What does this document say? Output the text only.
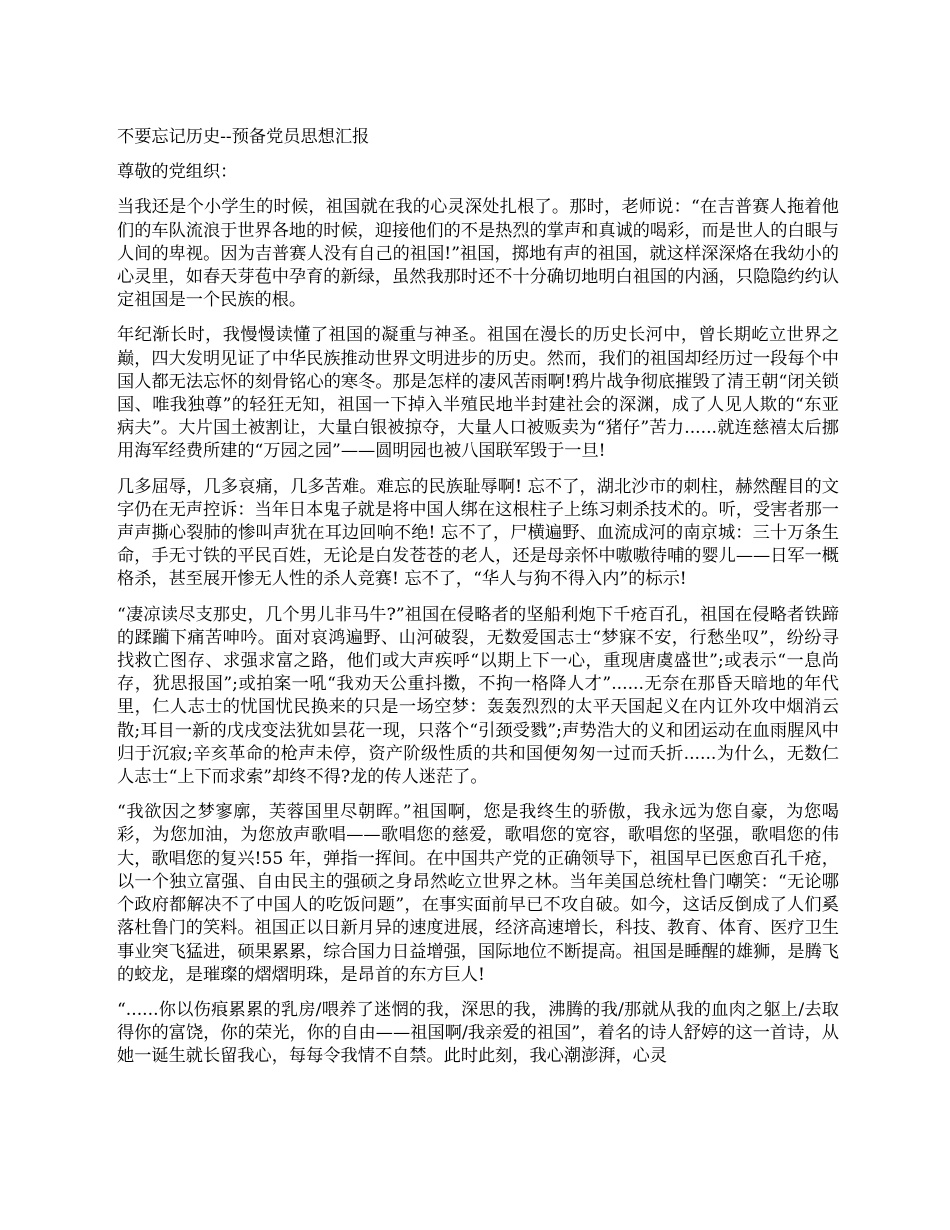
不要忘记历史--预备党员思想汇报
尊敬的党组织：
当我还是个小学生的时候，祖国就在我的心灵深处扎根了。那时，老师说：“在吉普赛人拖着他们的车队流浪于世界各地的时候，迎接他们的不是热烈的掌声和真诚的喝彩，而是世人的白眼与人间的卑视。因为吉普赛人没有自己的祖国!”祖国，掷地有声的祖国，就这样深深烙在我幼小的心灵里，如春天芽苞中孕育的新绿，虽然我那时还不十分确切地明白祖国的内涵，只隐隐约约认定祖国是一个民族的根。
年纪渐长时，我慢慢读懂了祖国的凝重与神圣。祖国在漫长的历史长河中，曾长期屹立世界之巅，四大发明见证了中华民族推动世界文明进步的历史。然而，我们的祖国却经历过一段每个中国人都无法忘怀的刻骨铭心的寒冬。那是怎样的凄风苦雨啊!鸦片战争彻底摧毁了清王朝“闭关锁国、唯我独尊”的轻狂无知，祖国一下掉入半殖民地半封建社会的深渊，成了人见人欺的“东亚病夫”。大片国土被割让，大量白银被掠夺，大量人口被贩卖为“猪仔”苦力......就连慈禧太后挪用海军经费所建的“万园之园”——圆明园也被八国联军毁于一旦!
几多屈辱，几多哀痛，几多苦难。难忘的民族耻辱啊! 忘不了，湖北沙市的刺柱，赫然醒目的文字仍在无声控诉：当年日本鬼子就是将中国人绑在这根柱子上练习刺杀技术的。听，受害者那一声声撕心裂肺的惨叫声犹在耳边回响不绝! 忘不了，尸横遍野、血流成河的南京城：三十万条生命，手无寸铁的平民百姓，无论是白发苍苍的老人，还是母亲怀中嗷嗷待哺的婴儿——日军一概格杀，甚至展开惨无人性的杀人竞赛! 忘不了，“华人与狗不得入内”的标示!
“凄凉读尽支那史，几个男儿非马牛?”祖国在侵略者的坚船利炮下千疮百孔，祖国在侵略者铁蹄的蹂躏下痛苦呻吟。面对哀鸿遍野、山河破裂，无数爱国志士“梦寐不安，行愁坐叹”，纷纷寻找救亡图存、求强求富之路，他们或大声疾呼“以期上下一心，重现唐虞盛世”;或表示“一息尚存，犹思报国”;或拍案一吼“我劝天公重抖擞，不拘一格降人才”......无奈在那昏天暗地的年代里，仁人志士的忧国忧民换来的只是一场空梦：轰轰烈烈的太平天国起义在内讧外攻中烟消云散;耳目一新的戊戌变法犹如昙花一现，只落个“引颈受戮”;声势浩大的义和团运动在血雨腥风中归于沉寂;辛亥革命的枪声未停，资产阶级性质的共和国便匆匆一过而夭折......为什么，无数仁人志士“上下而求索”却终不得?龙的传人迷茫了。
“我欲因之梦寥廓，芙蓉国里尽朝晖。”祖国啊，您是我终生的骄傲，我永远为您自豪，为您喝彩，为您加油，为您放声歌唱——歌唱您的慈爱，歌唱您的宽容，歌唱您的坚强，歌唱您的伟大，歌唱您的复兴!55 年，弹指一挥间。在中国共产党的正确领导下，祖国早已医愈百孔千疮，以一个独立富强、自由民主的强硕之身昂然屹立世界之林。当年美国总统杜鲁门嘲笑：“无论哪个政府都解决不了中国人的吃饭问题”，在事实面前早已不攻自破。如今，这话反倒成了人们奚落杜鲁门的笑料。祖国正以日新月异的速度进展，经济高速增长，科技、教育、体育、医疗卫生事业突飞猛进，硕果累累，综合国力日益增强，国际地位不断提高。祖国是睡醒的雄狮，是腾飞的蛟龙，是璀璨的熠熠明珠，是昂首的东方巨人!
“......你以伤痕累累的乳房/喂养了迷惘的我，深思的我，沸腾的我/那就从我的血肉之躯上/去取得你的富饶，你的荣光，你的自由——祖国啊/我亲爱的祖国”，着名的诗人舒婷的这一首诗，从她一诞生就长留我心，每每令我情不自禁。此时此刻，我心潮澎湃，心灵
